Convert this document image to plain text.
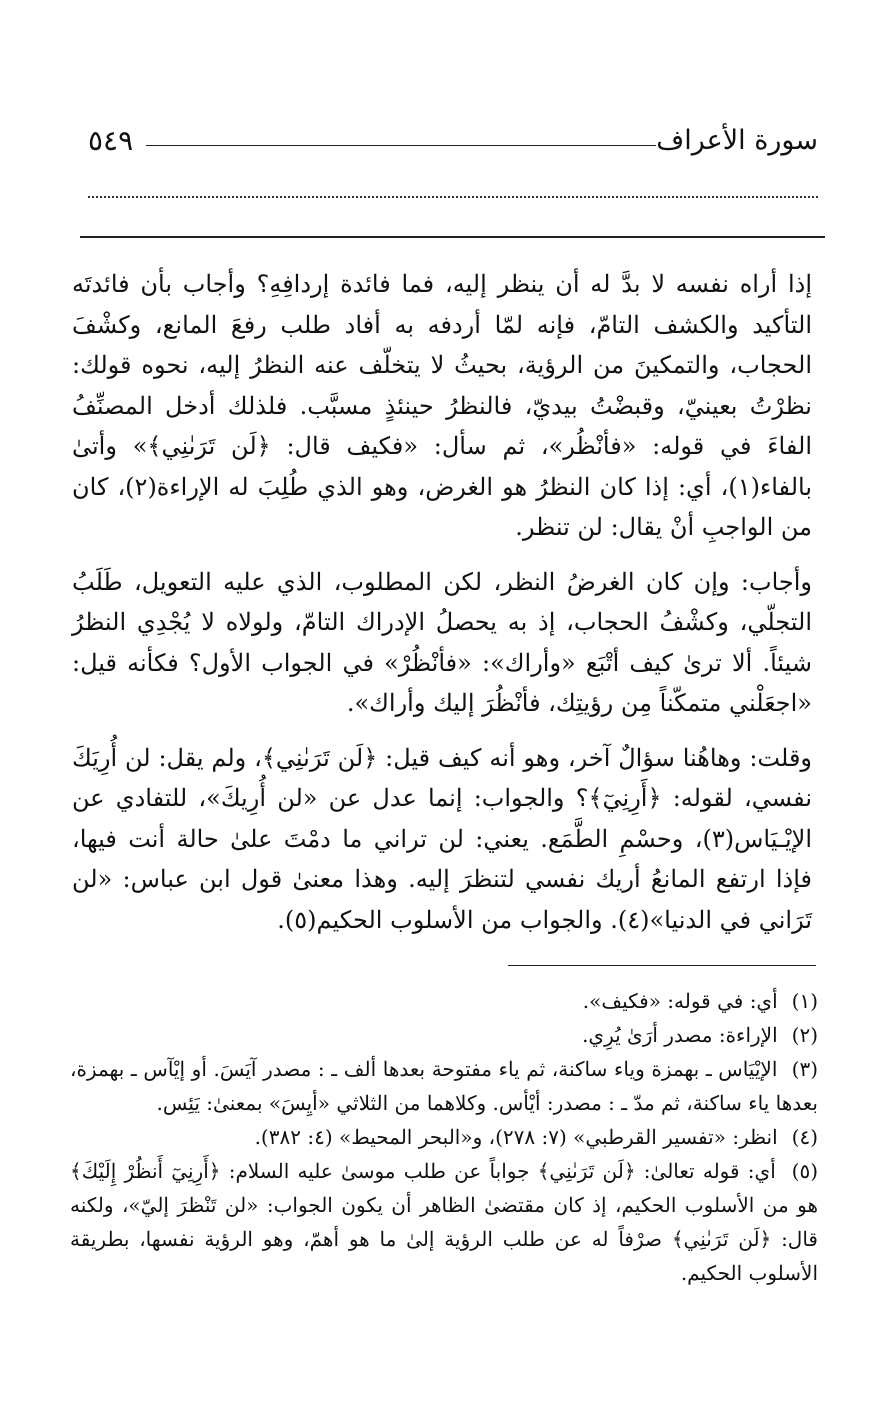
سورة الأعراف
٥٤٩

إذا أراه نفسه لا بدَّ له أن ينظر إليه، فما فائدة إردافِهِ؟ وأجاب بأن فائدتَه التأكيد والكشف التامّ، فإنه لمّا أردفه به أفاد طلب رفعَ المانع، وكشْفَ الحجاب، والتمكينَ من الرؤية، بحيثُ لا يتخلّف عنه النظرُ إليه، نحوه قولك: نظرْتُ بعينيّ، وقبضْتُ بيديّ، فالنظرُ حينئذٍ مسبَّب. فلذلك أدخل المصنِّفُ الفاءَ في قوله: «فأنْظُر»، ثم سأل: «فكيف قال: ﴿لَن تَرَىٰنِي﴾» وأتىٰ بالفاء(١)، أي: إذا كان النظرُ هو الغرض، وهو الذي طُلِبَ له الإراءة(٢)، كان من الواجبِ أنْ يقال: لن تنظر.

وأجاب: وإن كان الغرضُ النظر، لكن المطلوب، الذي عليه التعويل، طَلَبُ التجلّي، وكشْفُ الحجاب، إذ به يحصلُ الإدراك التامّ، ولولاه لا يُجْدِي النظرُ شيئاً. ألا ترىٰ كيف أتْبَع «وأراك»: «فأنْظُرْ» في الجواب الأول؟ فكأنه قيل: «اجعَلْني متمكّناً مِن رؤيتِك، فأنْظُرَ إليك وأراك».

وقلت: وهاهُنا سؤالٌ آخر، وهو أنه كيف قيل: ﴿لَن تَرَىٰنِي﴾، ولم يقل: لن أُرِيَكَ نفسي، لقوله: ﴿أَرِنِيٓ﴾؟ والجواب: إنما عدل عن «لن أُرِيكَ»، للتفادي عن الإيْـيَاس(٣)، وحسْمِ الطَّمَع. يعني: لن تراني ما دمْتَ علىٰ حالة أنت فيها، فإذا ارتفع المانعُ أريك نفسي لتنظرَ إليه. وهذا معنىٰ قول ابن عباس: «لن تَرَاني في الدنيا»(٤). والجواب من الأسلوب الحكيم(٥).

(١) أي: في قوله: «فكيف».

(٢) الإراءة: مصدر أرَىٰ يُرِي.

(٣) الإيْيَاس ـ بهمزة وياء ساكنة، ثم ياء مفتوحة بعدها ألف ـ : مصدر آيَسَ. أو إيْآس ـ بهمزة، بعدها ياء ساكنة، ثم مدّ ـ : مصدر: أيْأس. وكلاهما من الثلاثي «أيِسَ» بمعنىٰ: يَئِس.

(٤) انظر: «تفسير القرطبي» (٧: ٢٧٨)، و«البحر المحيط» (٤: ٣٨٢).

(٥) أي: قوله تعالىٰ: ﴿لَن تَرَىٰنِي﴾ جواباً عن طلب موسىٰ عليه السلام: ﴿أَرِنِيٓ أَنظُرْ إِلَيْكَ﴾ هو من الأسلوب الحكيم، إذ كان مقتضىٰ الظاهر أن يكون الجواب: «لن تَنْظرَ إليّ»، ولكنه قال: ﴿لَن تَرَىٰنِي﴾ صرْفاً له عن طلب الرؤية إلىٰ ما هو أهمّ، وهو الرؤية نفسها، بطريقة الأسلوب الحكيم.
